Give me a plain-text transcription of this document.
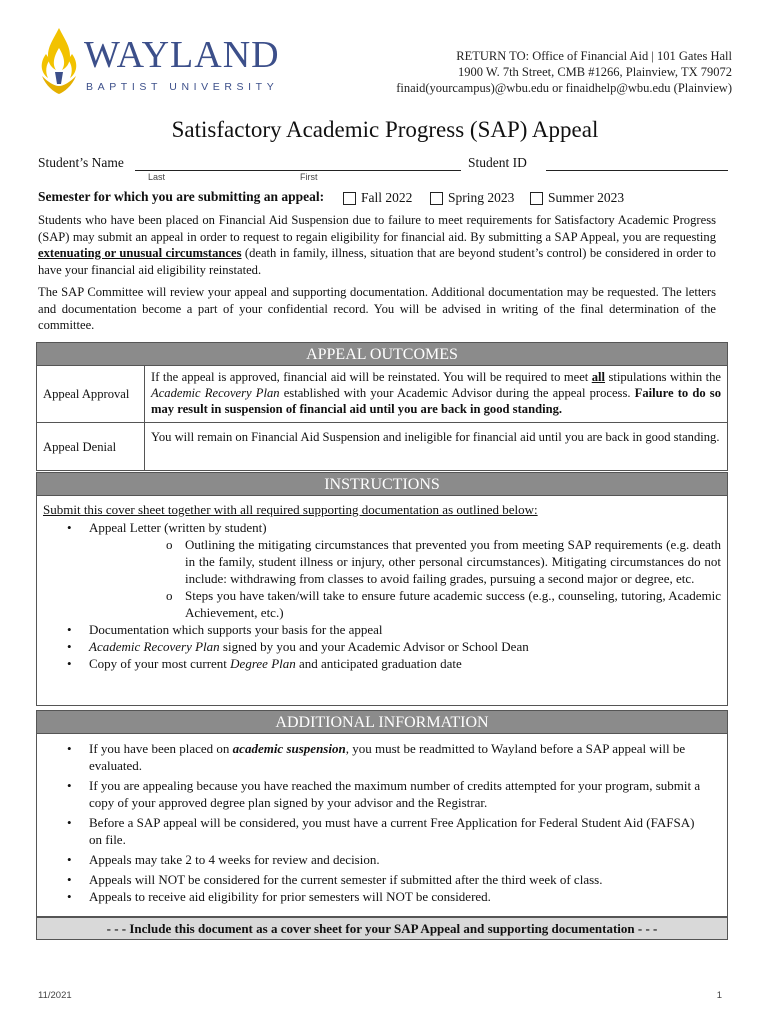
WAYLAND
BAPTIST UNIVERSITY
RETURN TO: Office of Financial Aid | 101 Gates Hall
1900 W. 7th Street, CMB #1266, Plainview, TX 79072
finaid(yourcampus)@wbu.edu or finaidhelp@wbu.edu (Plainview)
Satisfactory Academic Progress (SAP) Appeal
Student’s Name
Last	First
Student ID
Semester for which you are submitting an appeal:	Fall 2022	Spring 2023 Summer 2023
Students who have been placed on Financial Aid Suspension due to failure to meet requirements for Satisfactory Academic Progress (SAP) may submit an appeal in order to request to regain eligibility for financial aid. By submitting a SAP Appeal, you are requesting extenuating or unusual circumstances (death in family, illness, situation that are beyond student’s control) be considered in order to have your financial aid eligibility reinstated.
The SAP Committee will review your appeal and supporting documentation. Additional documentation may be requested. The letters and documentation become a part of your confidential record. You will be advised in writing of the final determination of the committee.
APPEAL OUTCOMES
Appeal Approval
If the appeal is approved, financial aid will be reinstated. You will be required to meet all stipulations within the Academic Recovery Plan established with your Academic Advisor during the appeal process. Failure to do so may result in suspension of financial aid until you are back in good standing.
Appeal Denial
You will remain on Financial Aid Suspension and ineligible for financial aid until you are back in good standing.
INSTRUCTIONS
Submit this cover sheet together with all required supporting documentation as outlined below:
• Appeal Letter (written by student)
o Outlining the mitigating circumstances that prevented you from meeting SAP requirements (e.g. death in the family, student illness or injury, other personal circumstances). Mitigating circumstances do not include: withdrawing from classes to avoid failing grades, pursuing a second major or degree, etc.
o Steps you have taken/will take to ensure future academic success (e.g., counseling, tutoring, Academic Achievement, etc.)
• Documentation which supports your basis for the appeal
• Academic Recovery Plan signed by you and your Academic Advisor or School Dean
• Copy of your most current Degree Plan and anticipated graduation date
ADDITIONAL INFORMATION
• If you have been placed on academic suspension, you must be readmitted to Wayland before a SAP appeal will be evaluated.
• If you are appealing because you have reached the maximum number of credits attempted for your program, submit a copy of your approved degree plan signed by your advisor and the Registrar.
• Before a SAP appeal will be considered, you must have a current Free Application for Federal Student Aid (FAFSA) on file.
• Appeals may take 2 to 4 weeks for review and decision.
• Appeals will NOT be considered for the current semester if submitted after the third week of class.
• Appeals to receive aid eligibility for prior semesters will NOT be considered.
- - - Include this document as a cover sheet for your SAP Appeal and supporting documentation - - -
11/2021	1
